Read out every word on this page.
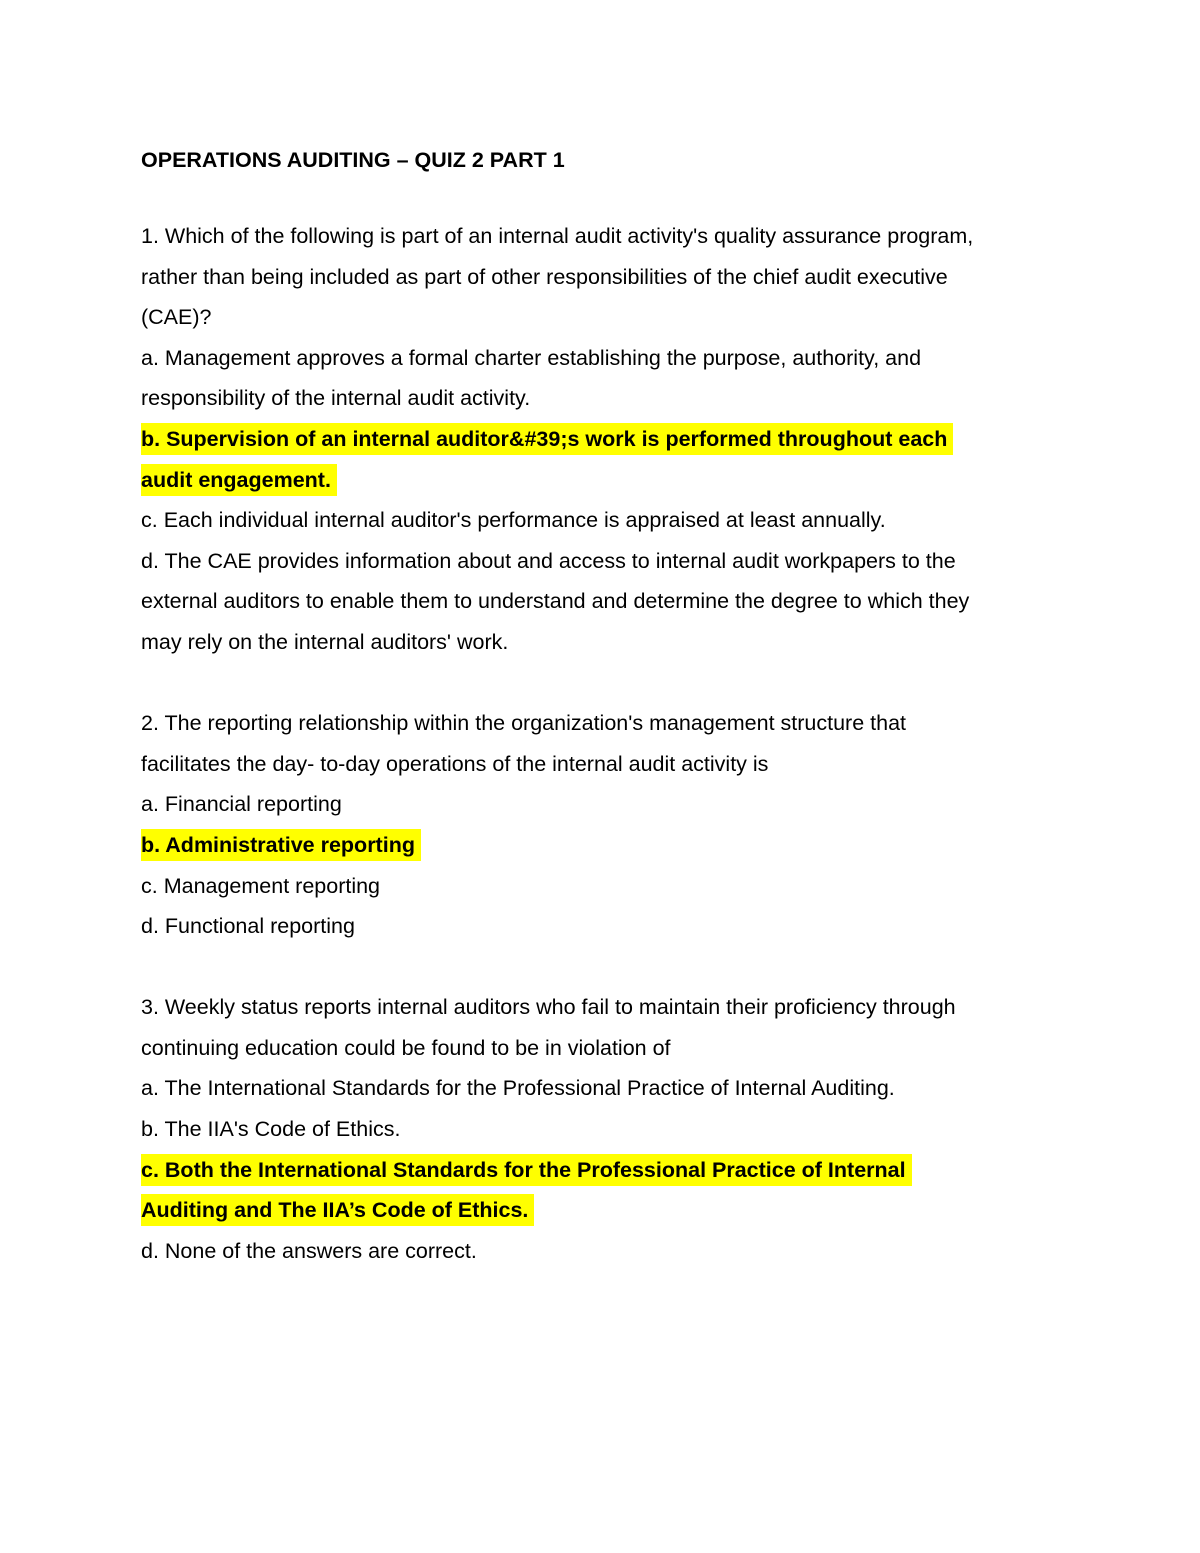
OPERATIONS AUDITING – QUIZ 2 PART 1
1. Which of the following is part of an internal audit activity's quality assurance program,
rather than being included as part of other responsibilities of the chief audit executive
(CAE)?
a. Management approves a formal charter establishing the purpose, authority, and
responsibility of the internal audit activity.
b. Supervision of an internal auditor&#39;s work is performed throughout each
audit engagement.
c. Each individual internal auditor's performance is appraised at least annually.
d. The CAE provides information about and access to internal audit workpapers to the
external auditors to enable them to understand and determine the degree to which they
may rely on the internal auditors' work.
2. The reporting relationship within the organization's management structure that
facilitates the day- to-day operations of the internal audit activity is
a. Financial reporting
b. Administrative reporting
c. Management reporting
d. Functional reporting
3. Weekly status reports internal auditors who fail to maintain their proficiency through
continuing education could be found to be in violation of
a. The International Standards for the Professional Practice of Internal Auditing.
b. The IIA's Code of Ethics.
c. Both the International Standards for the Professional Practice of Internal
Auditing and The IIA’s Code of Ethics.
d. None of the answers are correct.
